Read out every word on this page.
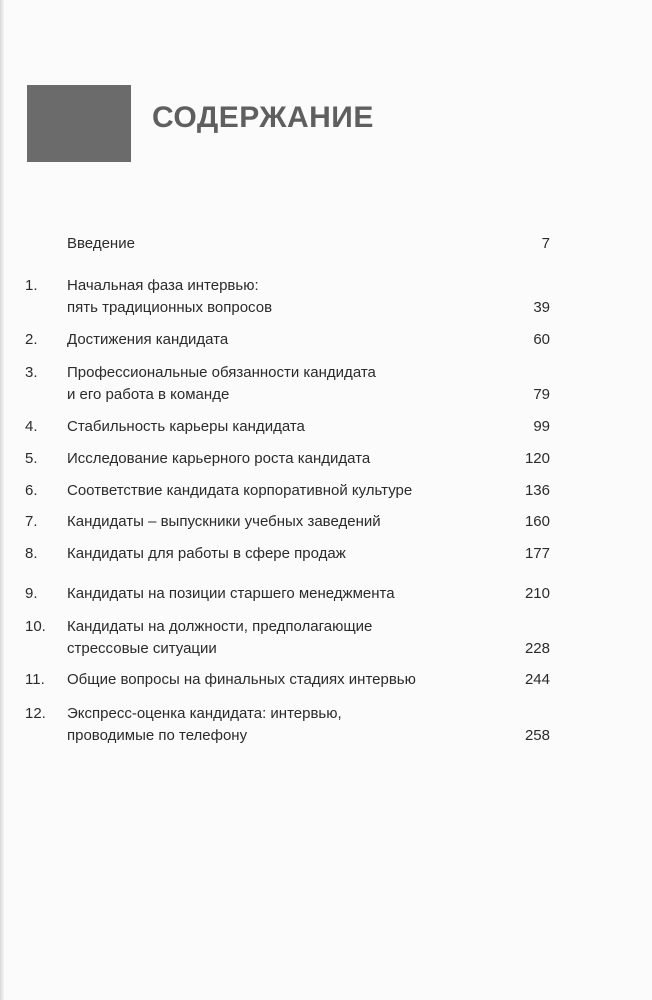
СОДЕРЖАНИЕ
Введение	7
1. Начальная фаза интервью:
пять традиционных вопросов	39
2. Достижения кандидата	60
3. Профессиональные обязанности кандидата
и его работа в команде	79
4. Стабильность карьеры кандидата	99
5. Исследование карьерного роста кандидата	120
6. Соответствие кандидата корпоративной культуре	136
7. Кандидаты – выпускники учебных заведений	160
8. Кандидаты для работы в сфере продаж	177
9. Кандидаты на позиции старшего менеджмента	210
10. Кандидаты на должности, предполагающие
стрессовые ситуации	228
11. Общие вопросы на финальных стадиях интервью	244
12. Экспресс-оценка кандидата: интервью,
проводимые по телефону	258
